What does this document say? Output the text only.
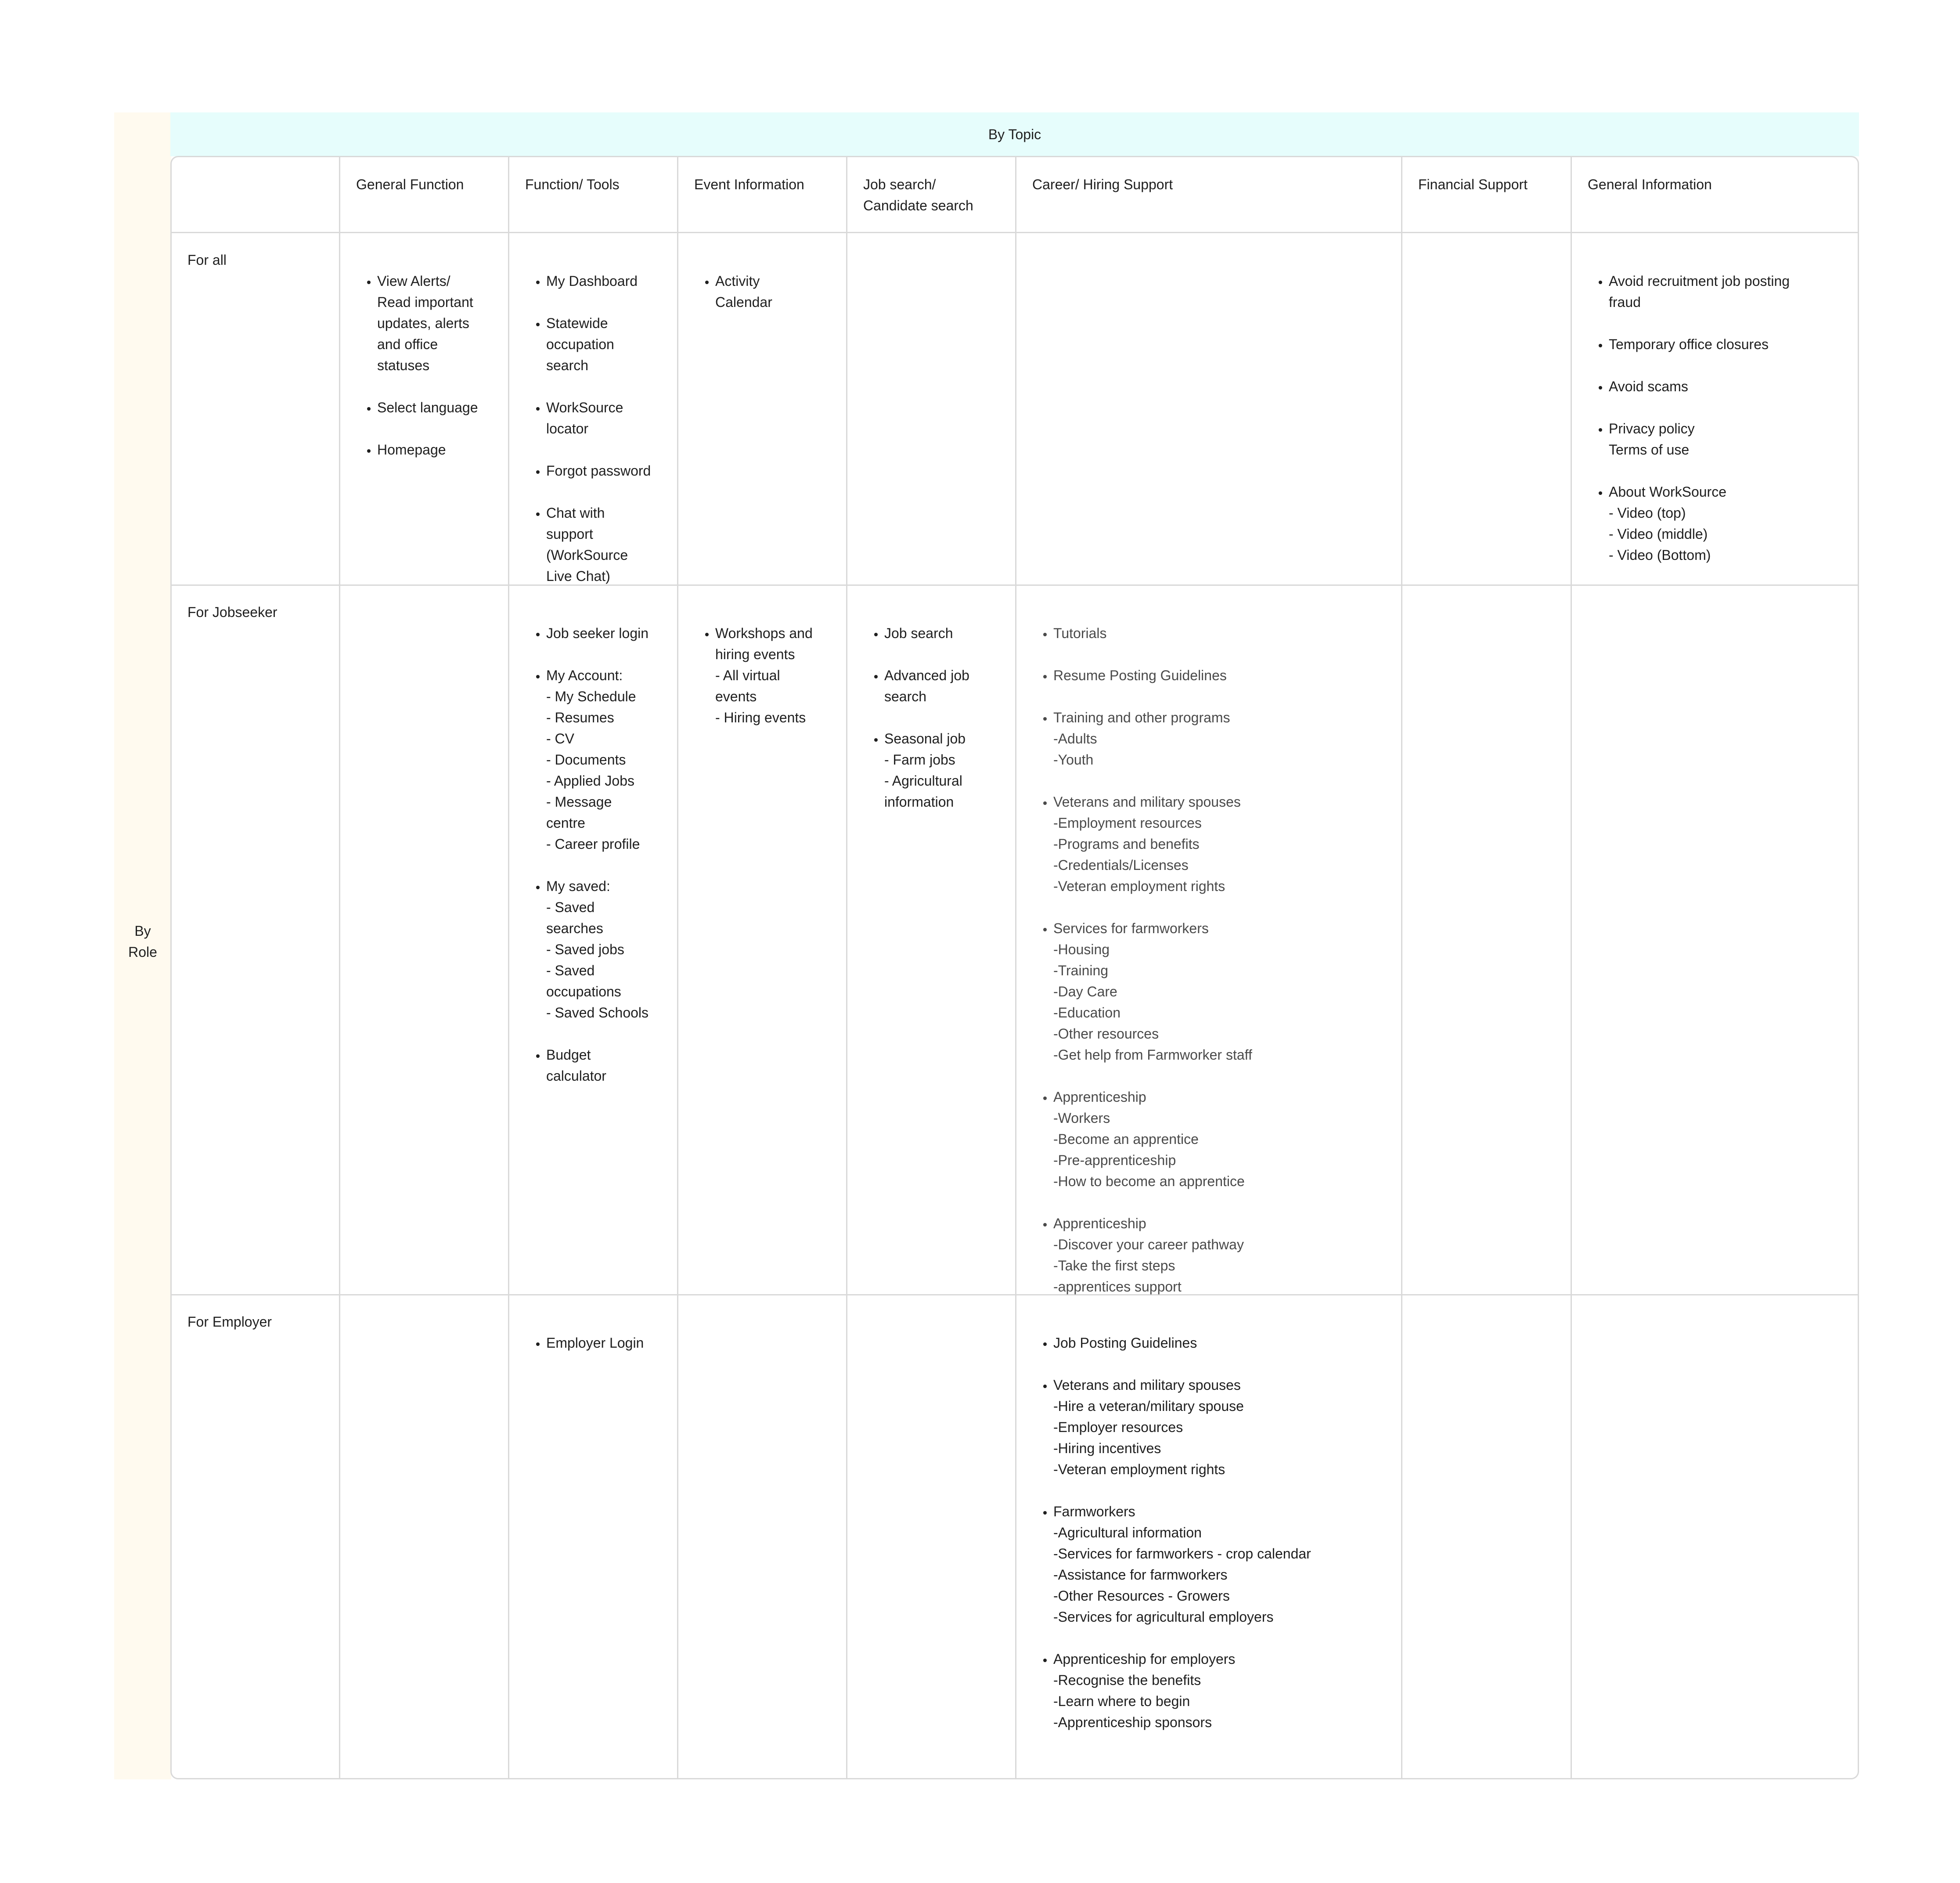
By
Role
By Topic
General Function	Function/ Tools	Event Information	Job search/
Candidate search
Career/ Hiring Support	Financial Support	General Information
For all
For Jobseeker
For Employer

• View Alerts/
Read important
updates, alerts
and office
statuses
• Select language
• Homepage

• My Dashboard
• Statewide
occupation
search
• WorkSource
locator
• Forgot password
• Chat with
support
(WorkSource
Live Chat)

• Activity
Calendar

• Avoid recruitment job posting
fraud
• Temporary office closures
• Avoid scams
• Privacy policy
Terms of use
• About WorkSource
- Video (top)
- Video (middle)
- Video (Bottom)

• Job seeker login
• My Account:
- My Schedule
- Resumes
- CV
- Documents
- Applied Jobs
- Message
centre
- Career profile
• My saved:
- Saved
searches
- Saved jobs
- Saved
occupations
- Saved Schools
• Budget
calculator

• Workshops and
hiring events
- All virtual
events
- Hiring events

• Job search
• Advanced job
search
• Seasonal job
- Farm jobs
- Agricultural
information

• Tutorials
• Resume Posting Guidelines
• Training and other programs
-Adults
-Youth
• Veterans and military spouses
-Employment resources
-Programs and benefits
-Credentials/Licenses
-Veteran employment rights
• Services for farmworkers
-Housing
-Training
-Day Care
-Education
-Other resources
-Get help from Farmworker staff
• Apprenticeship
-Workers
-Become an apprentice
-Pre-apprenticeship
-How to become an apprentice
• Apprenticeship
-Discover your career pathway
-Take the first steps
-apprentices support

• Employer Login

•	Job Posting Guidelines
• Veterans and military spouses
-Hire a veteran/military spouse
-Employer resources
-Hiring incentives
-Veteran employment rights
• Farmworkers
-Agricultural information
-Services for farmworkers - crop calendar
-Assistance for farmworkers
-Other Resources - Growers
-Services for agricultural employers
• Apprenticeship for employers
-Recognise the benefits
-Learn where to begin
-Apprenticeship sponsors
